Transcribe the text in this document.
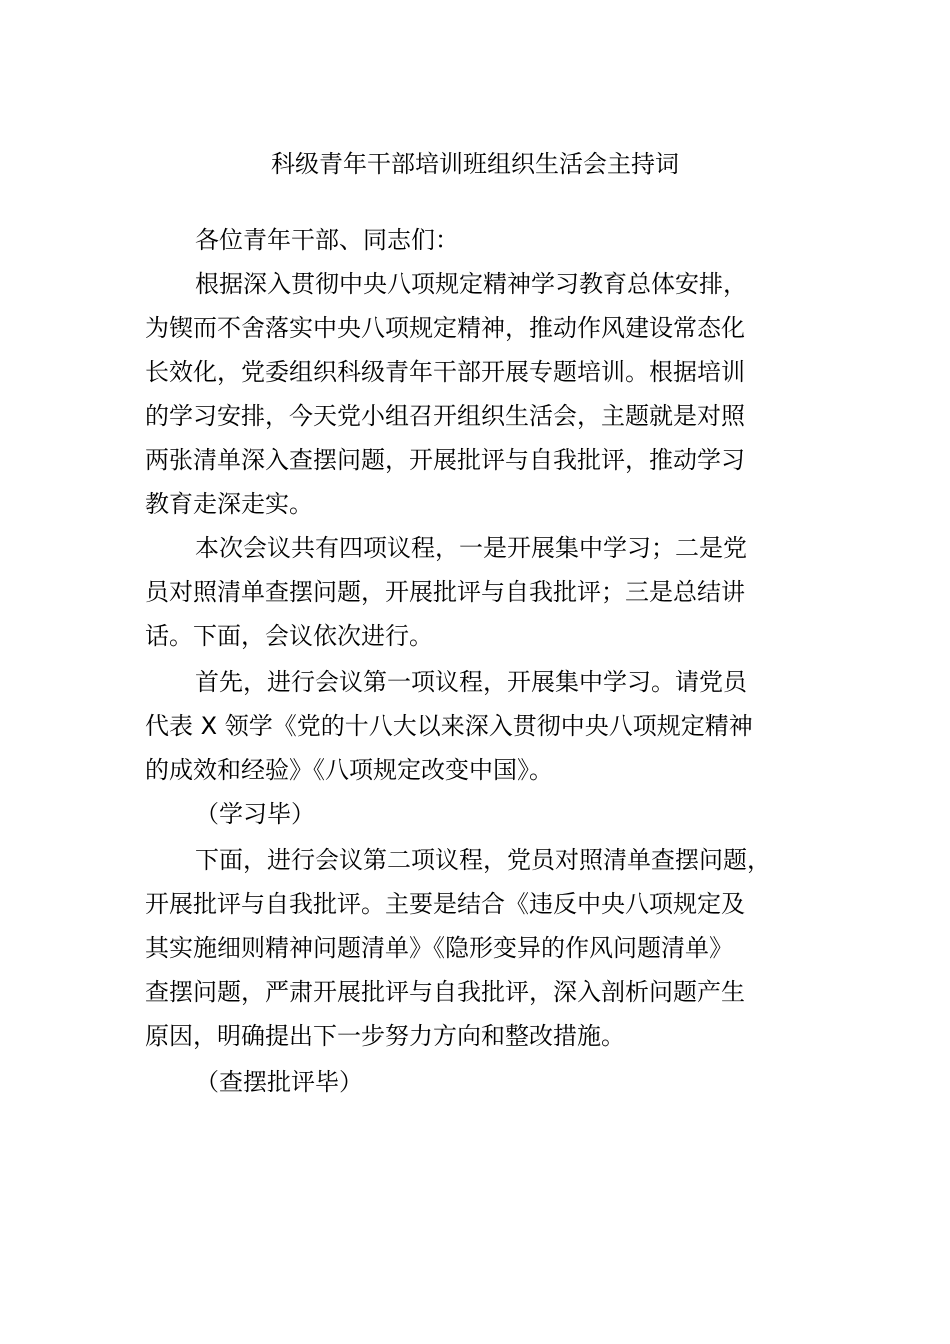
科级青年干部培训班组织生活会主持词
各位青年干部、同志们：
根据深入贯彻中央八项规定精神学习教育总体安排，
为锲而不舍落实中央八项规定精神，推动作风建设常态化
长效化，党委组织科级青年干部开展专题培训。根据培训
的学习安排，今天党小组召开组织生活会，主题就是对照
两张清单深入查摆问题，开展批评与自我批评，推动学习
教育走深走实。
本次会议共有四项议程，一是开展集中学习；二是党
员对照清单查摆问题，开展批评与自我批评；三是总结讲
话。下面，会议依次进行。
首先，进行会议第一项议程，开展集中学习。请党员
代表 X 领学《党的十八大以来深入贯彻中央八项规定精神
的成效和经验》《八项规定改变中国》。
（学习毕）
下面，进行会议第二项议程，党员对照清单查摆问题，
开展批评与自我批评。主要是结合《违反中央八项规定及
其实施细则精神问题清单》《隐形变异的作风问题清单》
查摆问题，严肃开展批评与自我批评，深入剖析问题产生
原因，明确提出下一步努力方向和整改措施。
（查摆批评毕）
